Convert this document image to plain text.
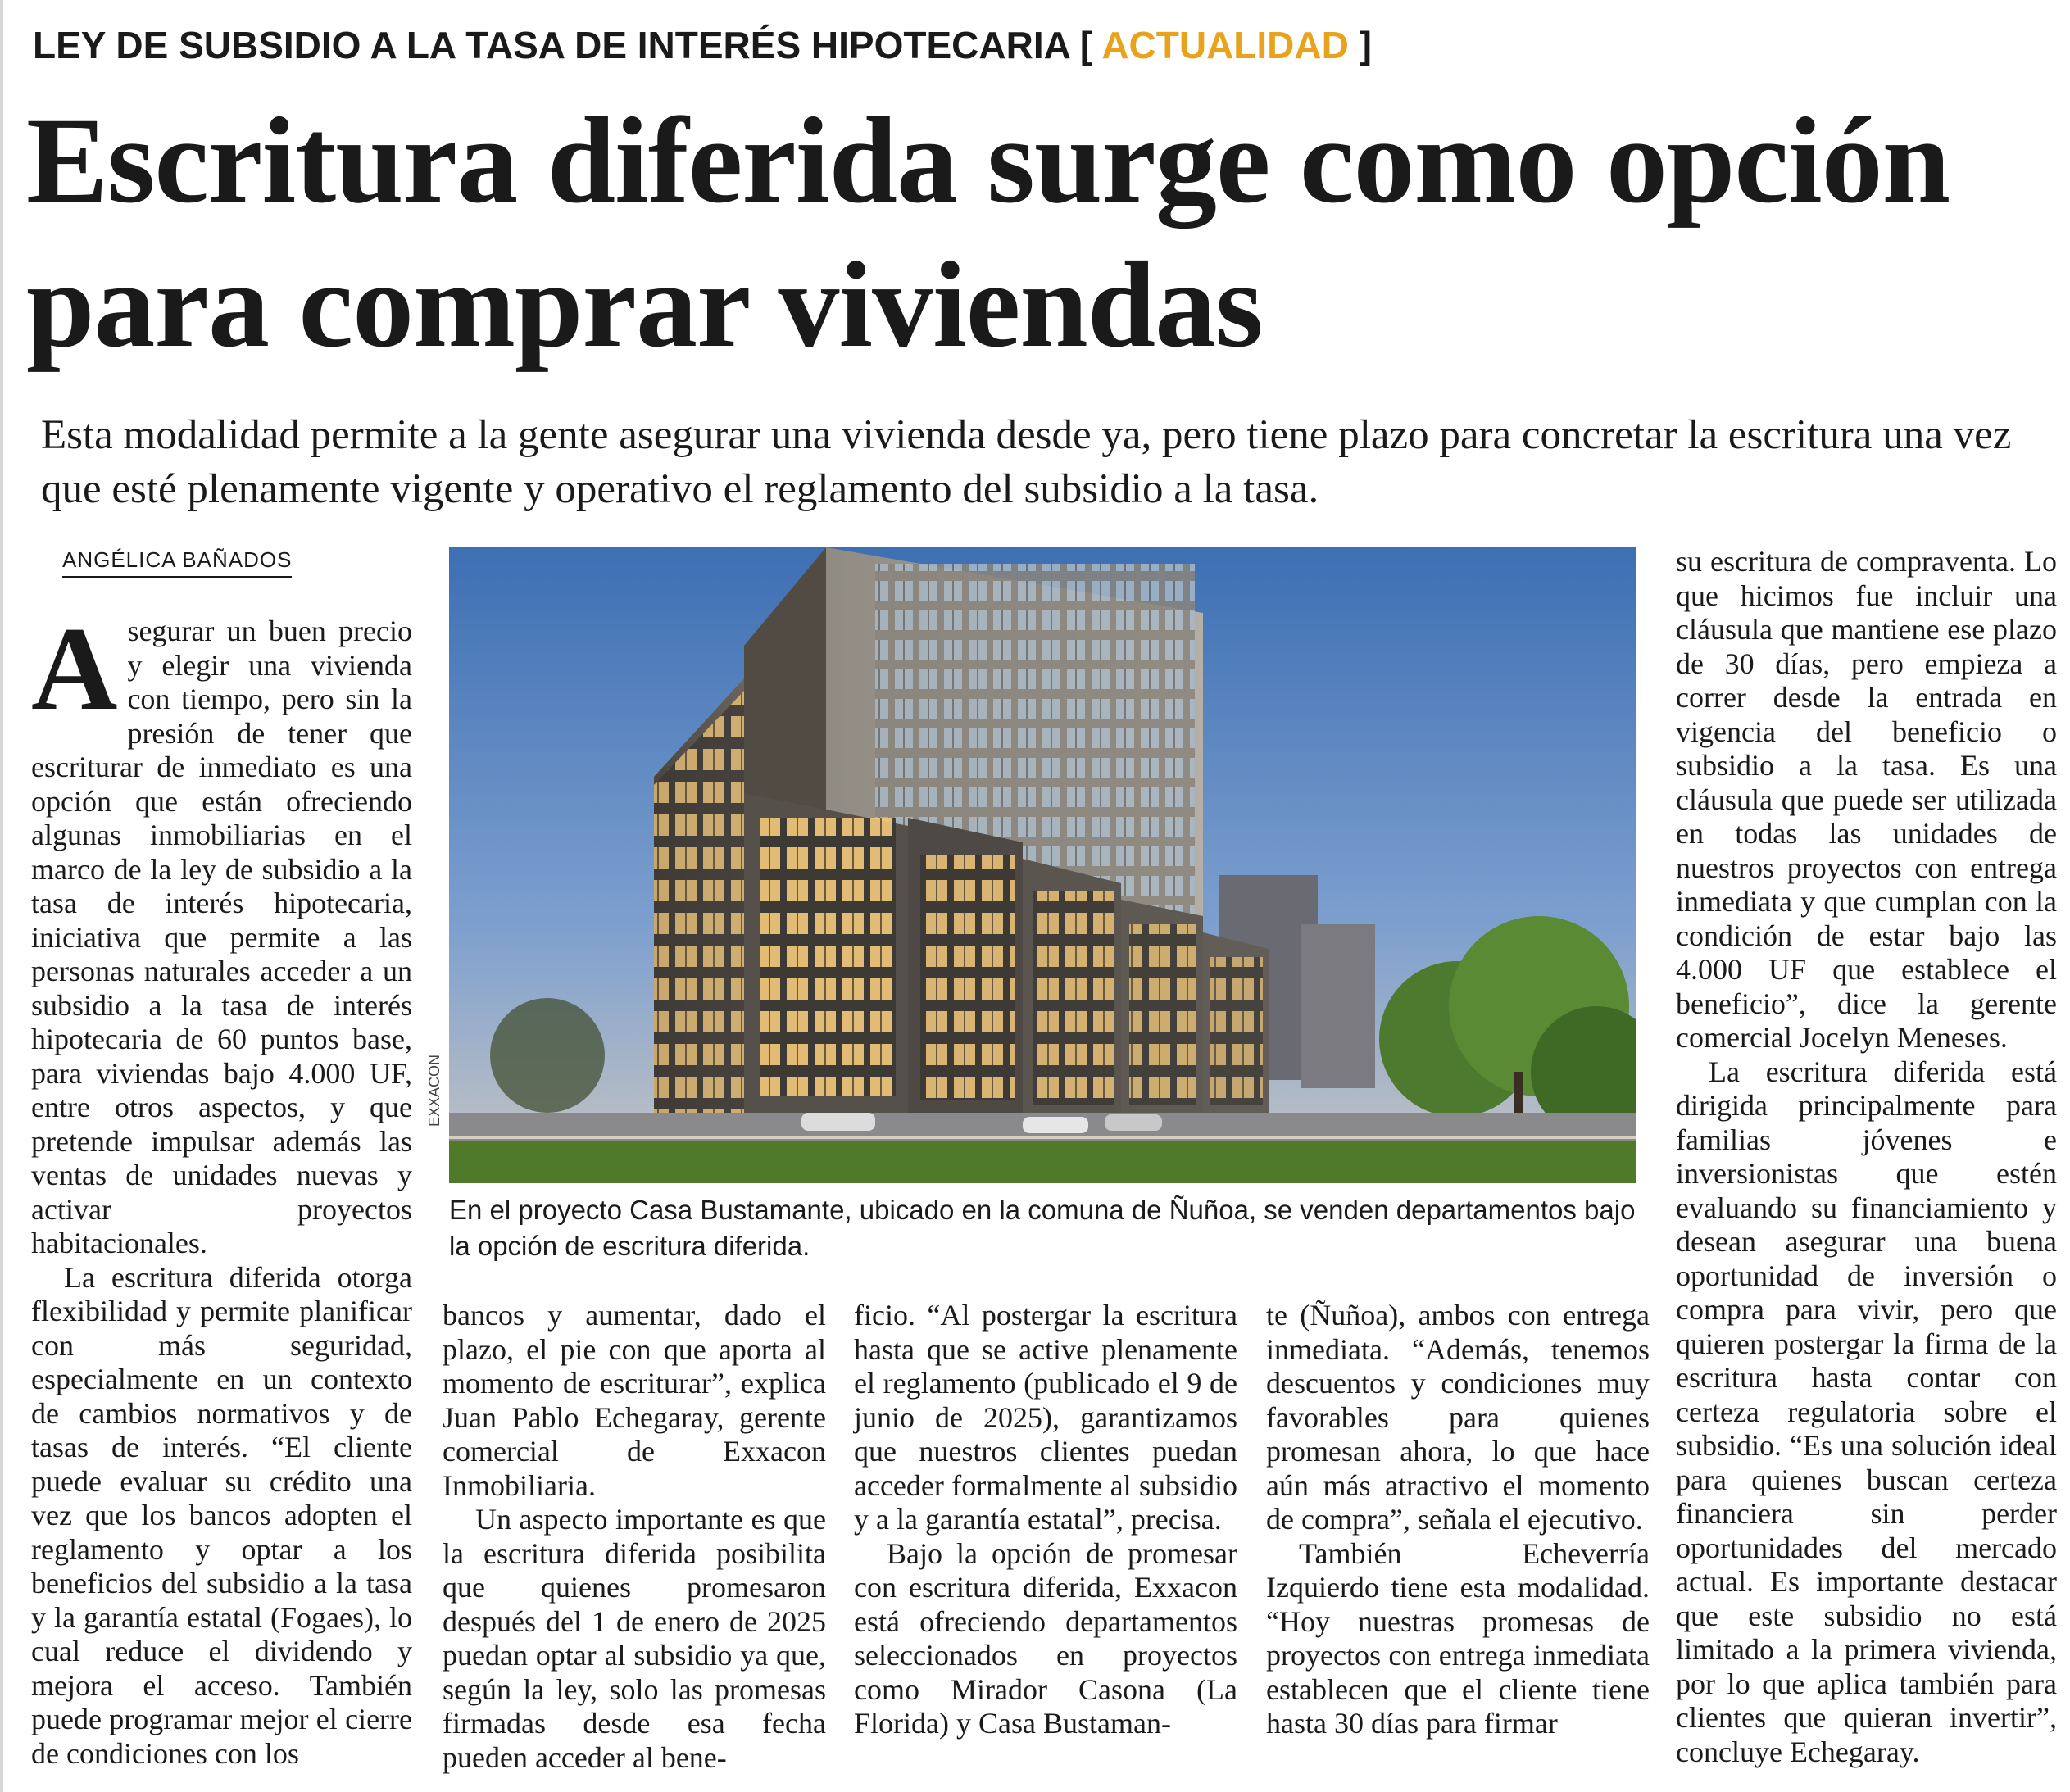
LEY DE SUBSIDIO A LA TASA DE INTERÉS HIPOTECARIA [ ACTUALIDAD ]
Escritura diferida surge como opción para comprar viviendas

Esta modalidad permite a la gente asegurar una vivienda desde ya, pero tiene plazo para concretar la escritura una vez que esté plenamente vigente y operativo el reglamento del subsidio a la tasa.

ANGÉLICA BAÑADOS

Asegurar un buen precio y elegir una vivienda con tiempo, pero sin la presión de tener que escriturar de inmediato es una opción que están ofreciendo algunas inmobiliarias en el marco de la ley de subsidio a la tasa de interés hipotecaria, iniciativa que permite a las personas naturales acceder a un subsidio a la tasa de interés hipotecaria de 60 puntos base, para viviendas bajo 4.000 UF, entre otros aspectos, y que pretende impulsar además las ventas de unidades nuevas y activar proyectos habitacionales.

La escritura diferida otorga flexibilidad y permite planificar con más seguridad, especialmente en un contexto de cambios normativos y de tasas de interés. “El cliente puede evaluar su crédito una vez que los bancos adopten el reglamento y optar a los beneficios del subsidio a la tasa y la garantía estatal (Fogaes), lo cual reduce el dividendo y mejora el acceso. También puede programar mejor el cierre de condiciones con los

EXXACON
En el proyecto Casa Bustamante, ubicado en la comuna de Ñuñoa, se venden departamentos bajo la opción de escritura diferida.

bancos y aumentar, dado el plazo, el pie con que aporta al momento de escriturar”, explica Juan Pablo Echegaray, gerente comercial de Exxacon Inmobiliaria.

Un aspecto importante es que la escritura diferida posibilita que quienes promesaron después del 1 de enero de 2025 puedan optar al subsidio ya que, según la ley, solo las promesas firmadas desde esa fecha pueden acceder al bene-

ficio. “Al postergar la escritura hasta que se active plenamente el reglamento (publicado el 9 de junio de 2025), garantizamos que nuestros clientes puedan acceder formalmente al subsidio y a la garantía estatal”, precisa.

Bajo la opción de promesar con escritura diferida, Exxacon está ofreciendo departamentos seleccionados en proyectos como Mirador Casona (La Florida) y Casa Bustaman-

te (Ñuñoa), ambos con entrega inmediata. “Además, tenemos descuentos y condiciones muy favorables para quienes promesan ahora, lo que hace aún más atractivo el momento de compra”, señala el ejecutivo.

También Echeverría Izquierdo tiene esta modalidad. “Hoy nuestras promesas de proyectos con entrega inmediata establecen que el cliente tiene hasta 30 días para firmar

su escritura de compraventa. Lo que hicimos fue incluir una cláusula que mantiene ese plazo de 30 días, pero empieza a correr desde la entrada en vigencia del beneficio o subsidio a la tasa. Es una cláusula que puede ser utilizada en todas las unidades de nuestros proyectos con entrega inmediata y que cumplan con la condición de estar bajo las 4.000 UF que establece el beneficio”, dice la gerente comercial Jocelyn Meneses.

La escritura diferida está dirigida principalmente para familias jóvenes e inversionistas que estén evaluando su financiamiento y desean asegurar una buena oportunidad de inversión o compra para vivir, pero que quieren postergar la firma de la escritura hasta contar con certeza regulatoria sobre el subsidio. “Es una solución ideal para quienes buscan certeza financiera sin perder oportunidades del mercado actual. Es importante destacar que este subsidio no está limitado a la primera vivienda, por lo que aplica también para clientes que quieran invertir”, concluye Echegaray.
